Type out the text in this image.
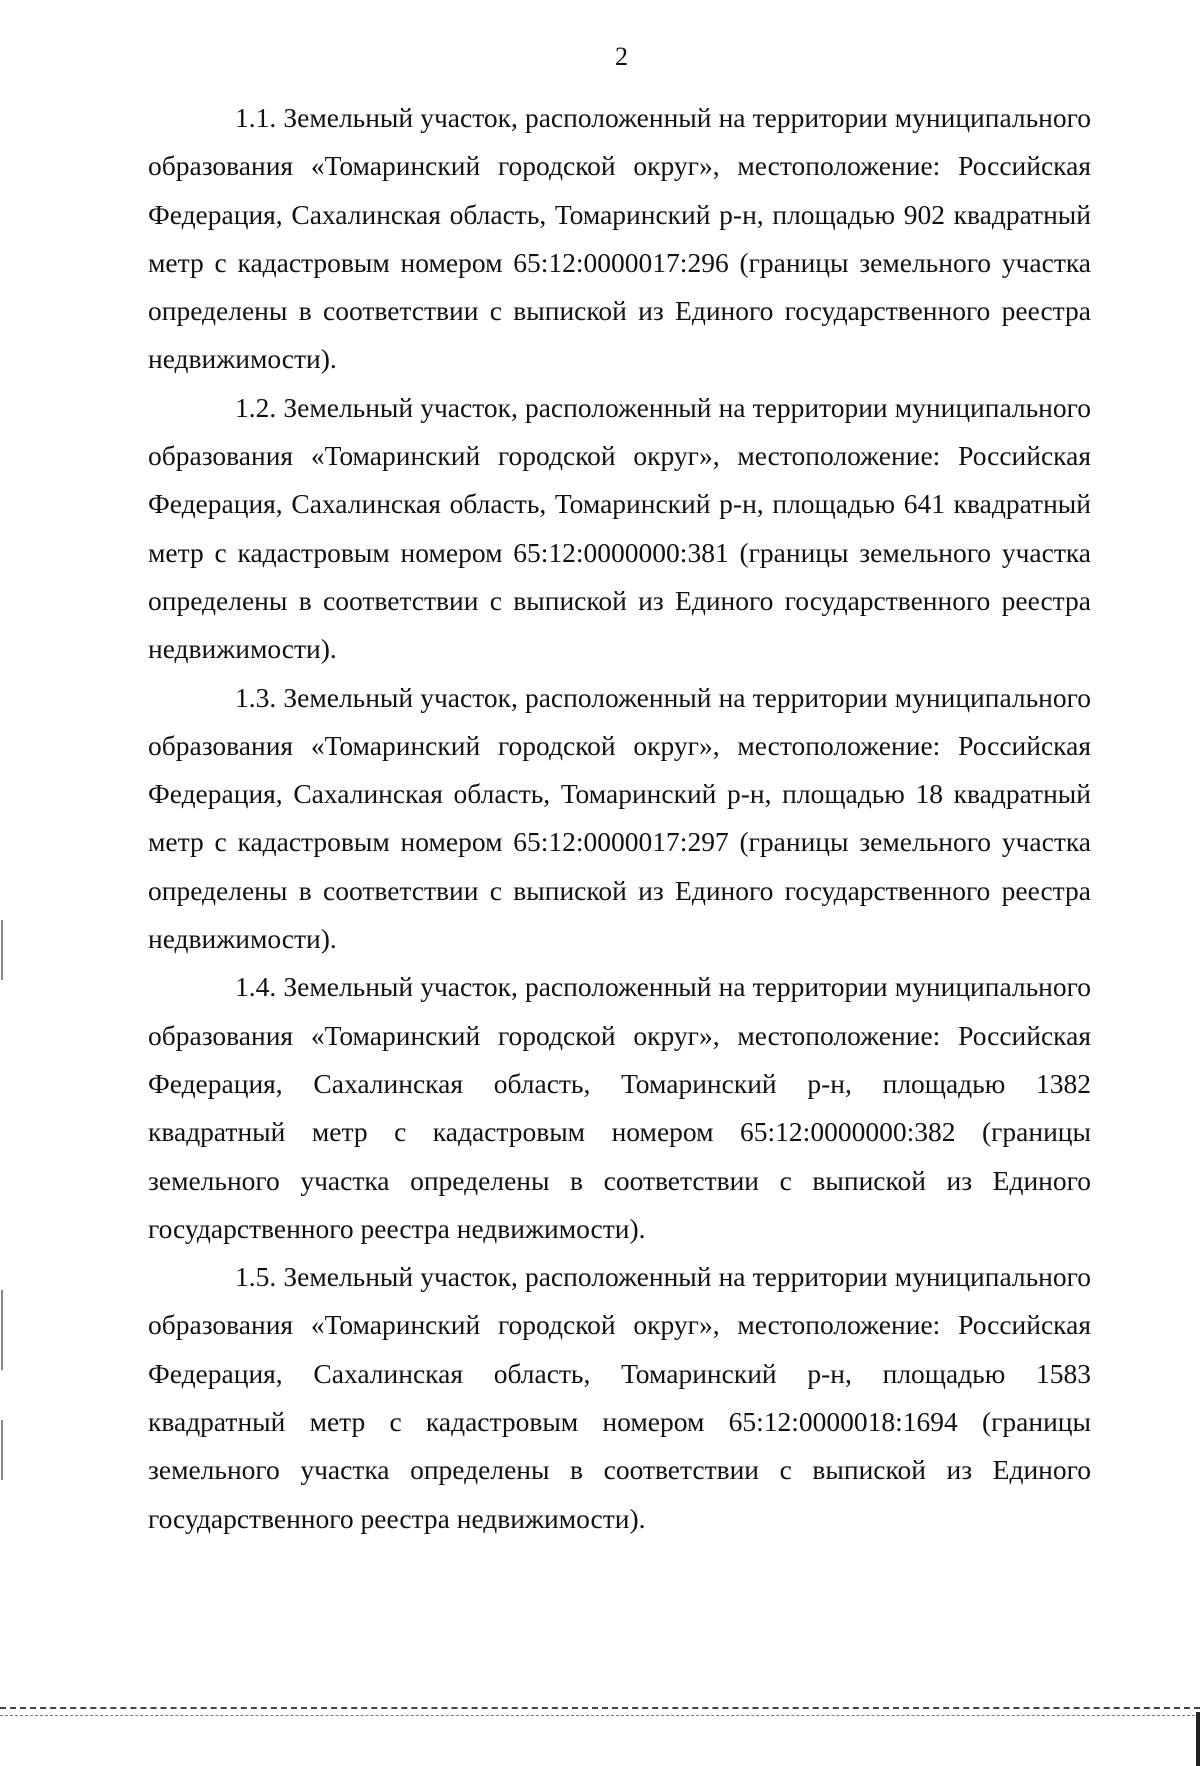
2

1.1. Земельный участок, расположенный на территории муниципального образования «Томаринский городской округ», местоположение: Российская Федерация, Сахалинская область, Томаринский р-н, площадью 902 квадратный метр с кадастровым номером 65:12:0000017:296 (границы земельного участка определены в соответствии с выпиской из Единого государственного реестра недвижимости).

1.2. Земельный участок, расположенный на территории муниципального образования «Томаринский городской округ», местоположение: Российская Федерация, Сахалинская область, Томаринский р-н, площадью 641 квадратный метр с кадастровым номером 65:12:0000000:381 (границы земельного участка определены в соответствии с выпиской из Единого государственного реестра недвижимости).

1.3. Земельный участок, расположенный на территории муниципального образования «Томаринский городской округ», местоположение: Российская Федерация, Сахалинская область, Томаринский р-н, площадью 18 квадратный метр с кадастровым номером 65:12:0000017:297 (границы земельного участка определены в соответствии с выпиской из Единого государственного реестра недвижимости).

1.4. Земельный участок, расположенный на территории муниципального образования «Томаринский городской округ», местоположение: Российская Федерация, Сахалинская область, Томаринский р-н, площадью 1382 квадратный метр с кадастровым номером 65:12:0000000:382 (границы земельного участка определены в соответствии с выпиской из Единого государственного реестра недвижимости).

1.5. Земельный участок, расположенный на территории муниципального образования «Томаринский городской округ», местоположение: Российская Федерация, Сахалинская область, Томаринский р-н, площадью 1583 квадратный метр с кадастровым номером 65:12:0000018:1694 (границы земельного участка определены в соответствии с выпиской из Единого государственного реестра недвижимости).
